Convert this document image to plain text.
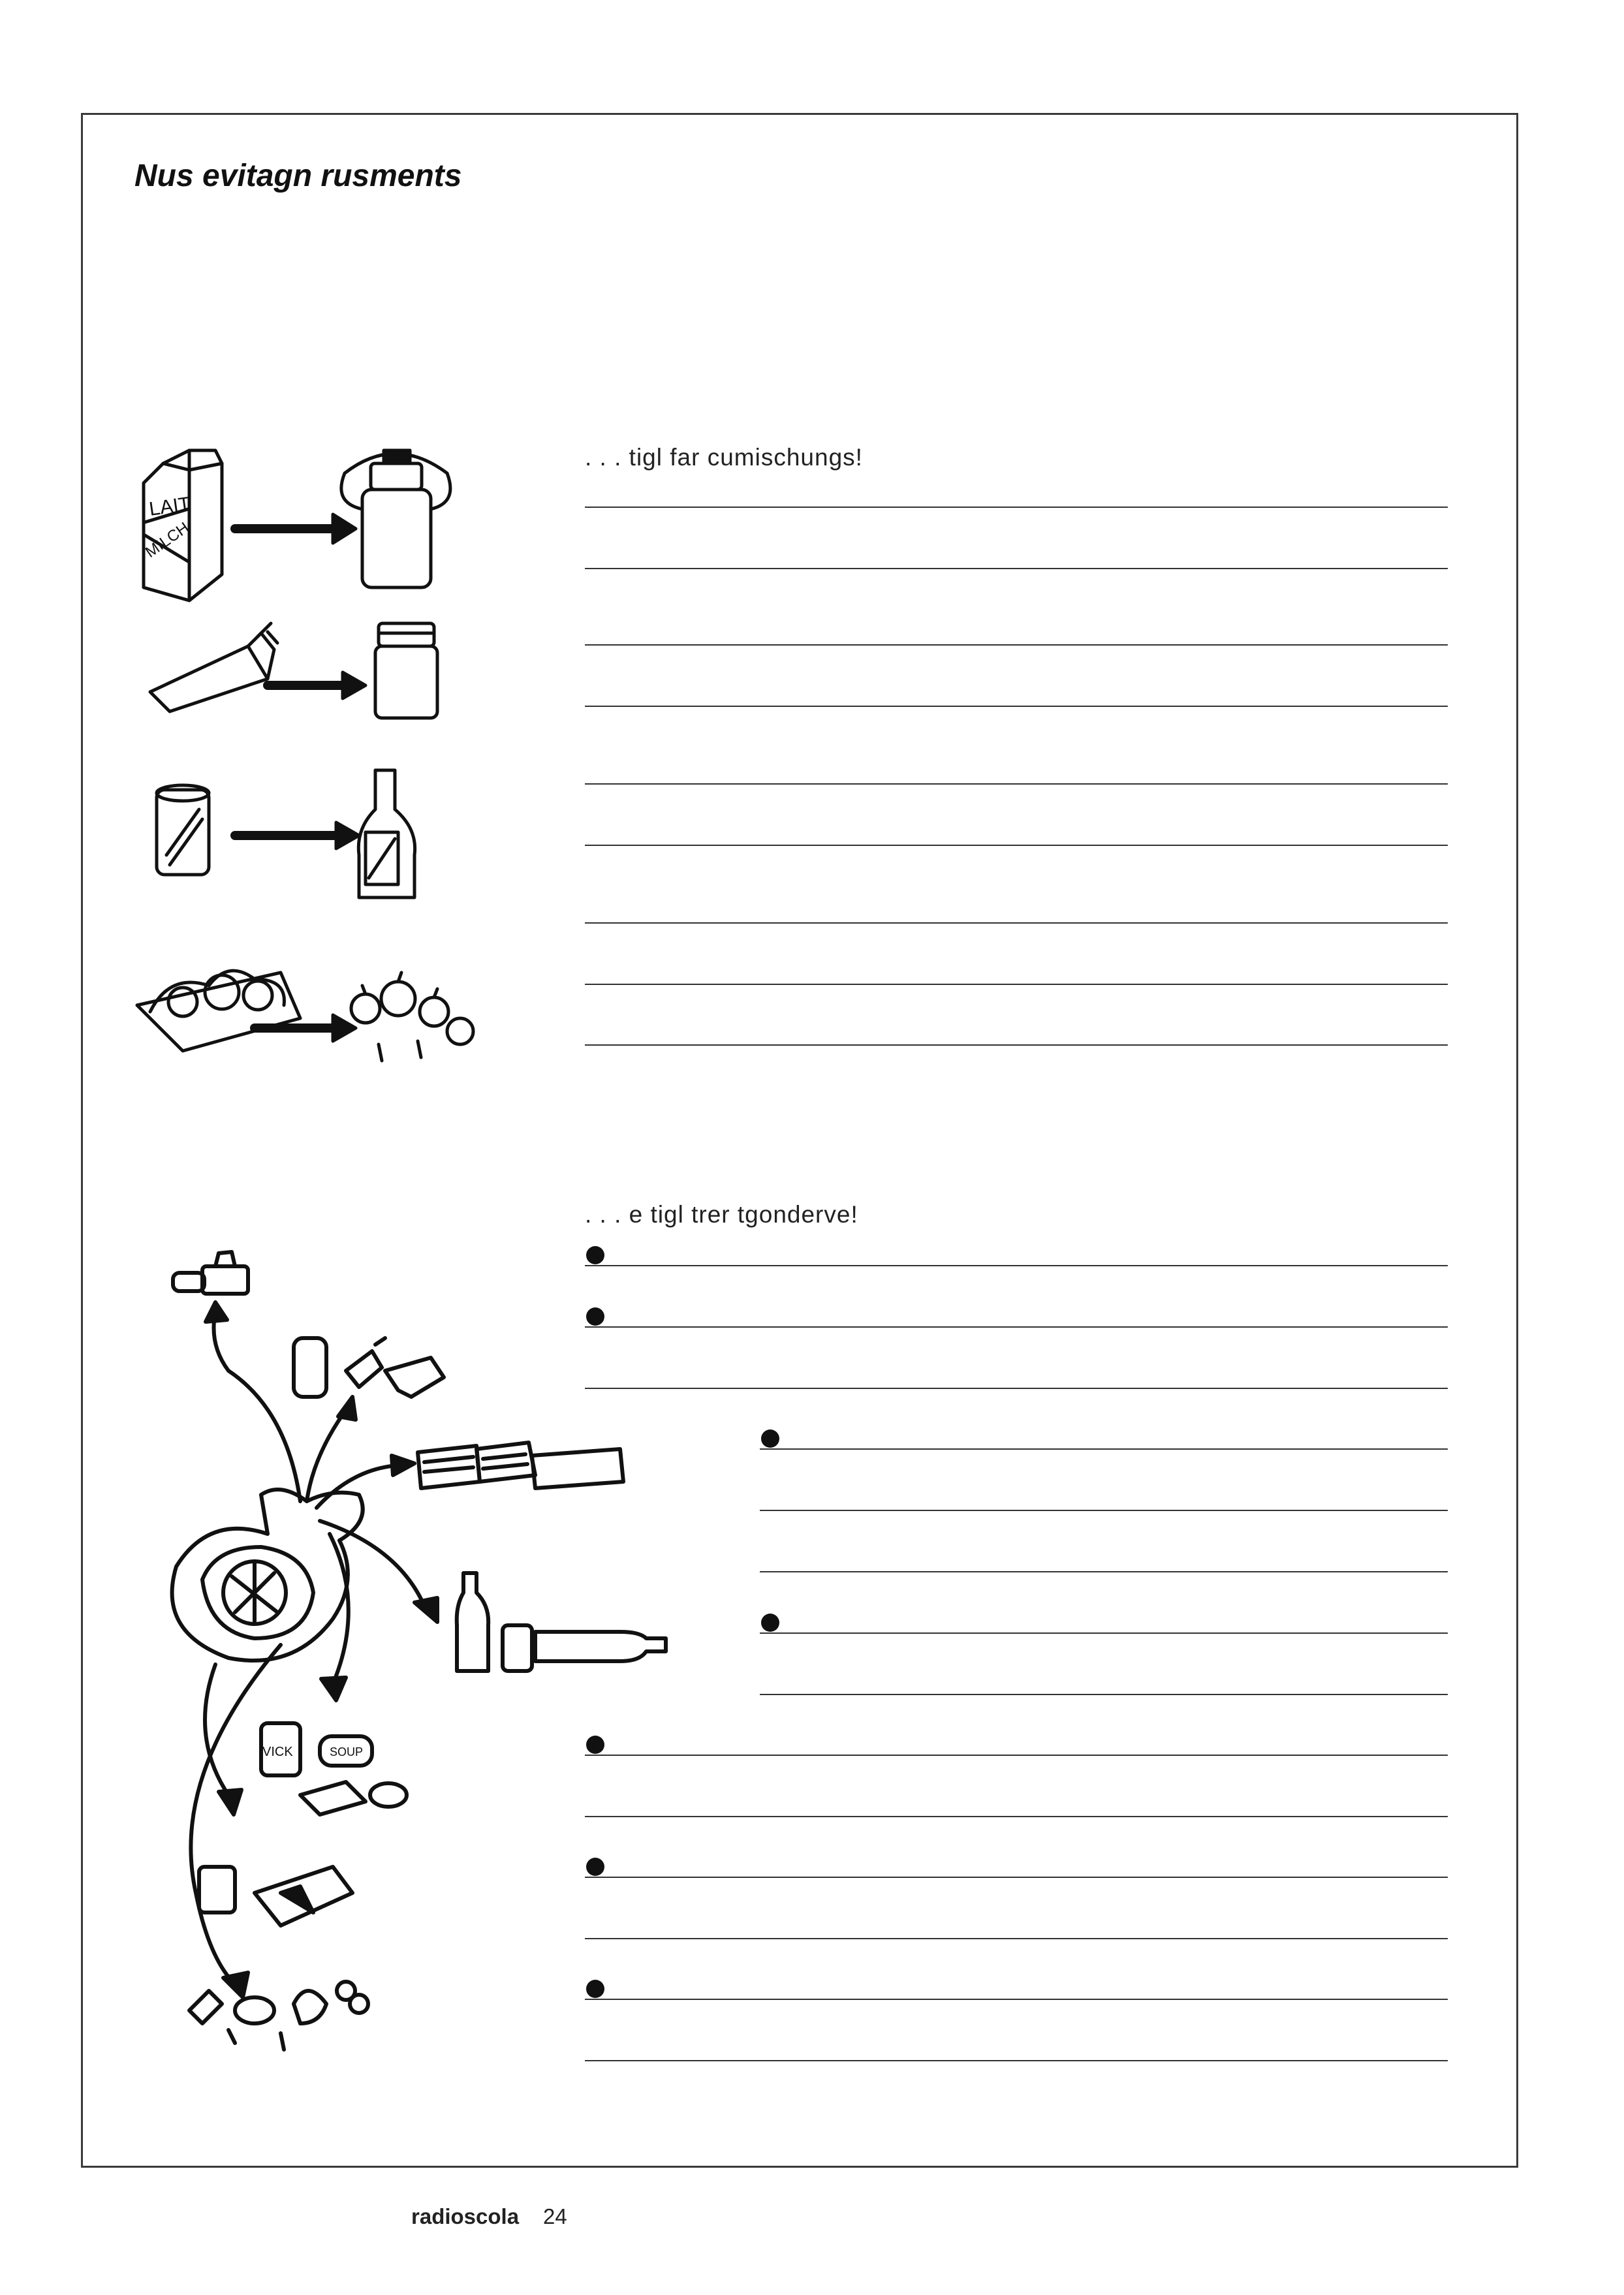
Nus evitagn rusments
. . . tigl far cumischungs!
LAIT
MILCH
. . . e tigl trer tgonderve!
VICK	SOUP
radioscola 24
